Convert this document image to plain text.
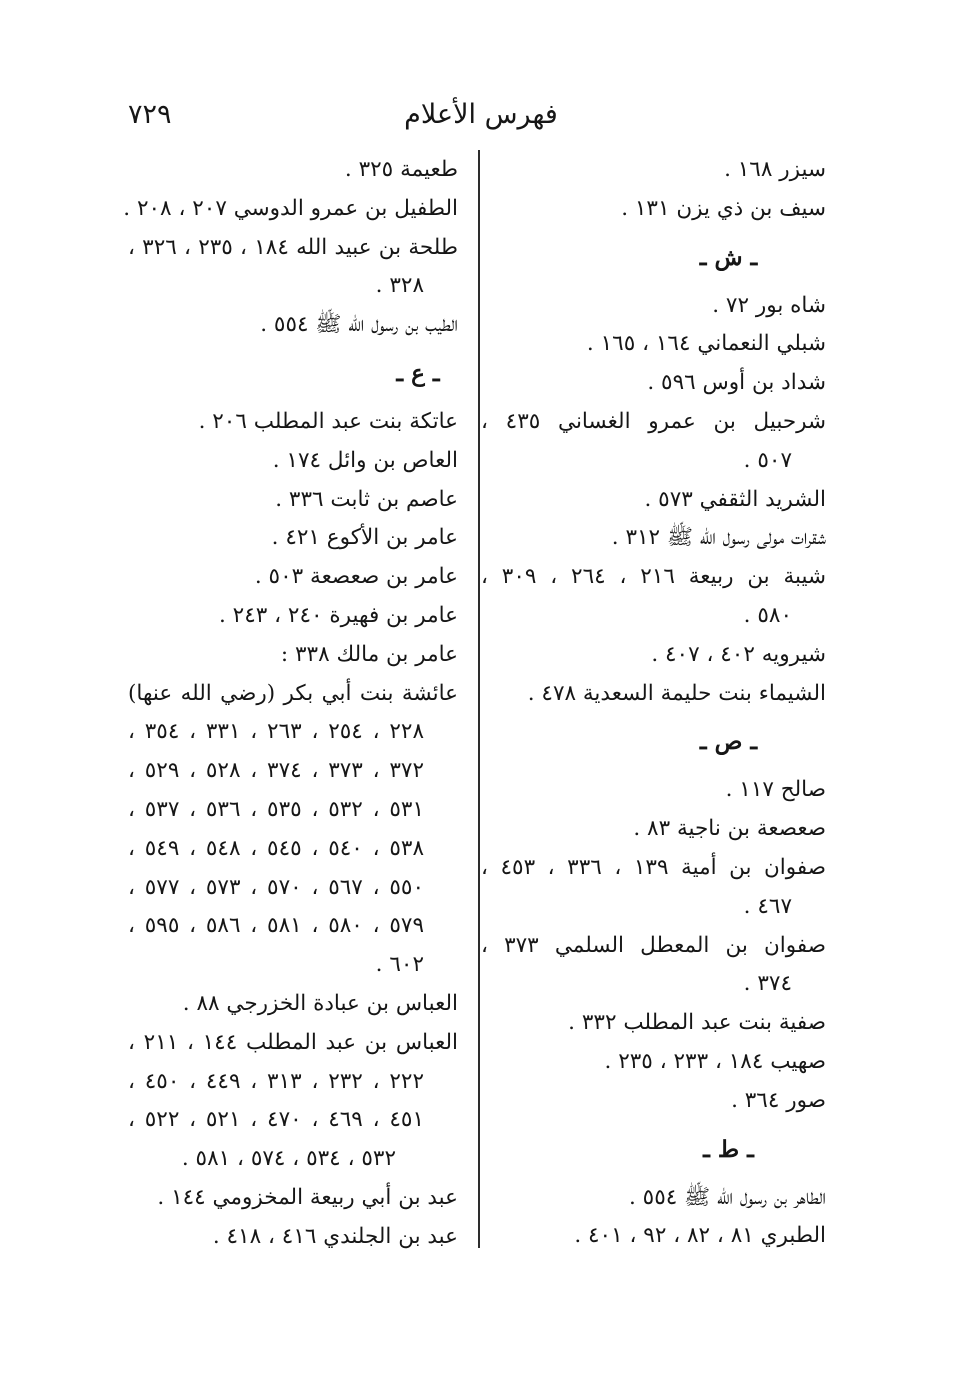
٧٢٩	فهرس الأعلام
سيزر ١٦٨ .
سيف بن ذي يزن ١٣١ .
ـ ش ـ
شاه بور ٧٢ .
شبلي النعماني ١٦٤ ، ١٦٥ .
شداد بن أوس ٥٩٦ .
شرحبيل بن عمرو الغساني ٤٣٥ ،
٥٠٧ .
الشريد الثقفي ٥٧٣ .
شقرات مولى رسول الله ﷺ ٣١٢ .
شيبة بن ربيعة ٢١٦ ، ٢٦٤ ، ٣٠٩ ،
٥٨٠ .
شيرويه ٤٠٢ ، ٤٠٧ .
الشيماء بنت حليمة السعدية ٤٧٨ .
ـ ص ـ
صالح ١١٧ .
صعصعة بن ناجية ٨٣ .
صفوان بن أمية ١٣٩ ، ٣٣٦ ، ٤٥٣ ،
٤٦٧ .
صفوان بن المعطل السلمي ٣٧٣ ،
٣٧٤ .
صفية بنت عبد المطلب ٣٣٢ .
صهيب ١٨٤ ، ٢٣٣ ، ٢٣٥ .
صور ٣٦٤ .
ـ ط ـ
الطاهر بن رسول الله ﷺ ٥٥٤ .
الطبري ٨١ ، ٨٢ ، ٩٢ ، ٤٠١ .
طعيمة ٣٢٥ .
الطفيل بن عمرو الدوسي ٢٠٧ ، ٢٠٨ .
طلحة بن عبيد الله ١٨٤ ، ٢٣٥ ، ٣٢٦ ،
٣٢٨ .
الطيب بن رسول الله ﷺ ٥٥٤ .
ـ ع ـ
عاتكة بنت عبد المطلب ٢٠٦ .
العاص بن وائل ١٧٤ .
عاصم بن ثابت ٣٣٦ .
عامر بن الأكوع ٤٢١ .
عامر بن صعصعة ٥٠٣ .
عامر بن فهيرة ٢٤٠ ، ٢٤٣ .
عامر بن مالك ٣٣٨ :
عائشة بنت أبي بكر (رضي الله عنها)
٢٢٨ ، ٢٥٤ ، ٢٦٣ ، ٣٣١ ، ٣٥٤ ،
٣٧٢ ، ٣٧٣ ، ٣٧٤ ، ٥٢٨ ، ٥٢٩ ،
٥٣١ ، ٥٣٢ ، ٥٣٥ ، ٥٣٦ ، ٥٣٧ ،
٥٣٨ ، ٥٤٠ ، ٥٤٥ ، ٥٤٨ ، ٥٤٩ ،
٥٥٠ ، ٥٦٧ ، ٥٧٠ ، ٥٧٣ ، ٥٧٧ ،
٥٧٩ ، ٥٨٠ ، ٥٨١ ، ٥٨٦ ، ٥٩٥ ،
٦٠٢ .
العباس بن عبادة الخزرجي ٨٨ .
العباس بن عبد المطلب ١٤٤ ، ٢١١ ،
٢٢٢ ، ٢٣٢ ، ٣١٣ ، ٤٤٩ ، ٤٥٠ ،
٤٥١ ، ٤٦٩ ، ٤٧٠ ، ٥٢١ ، ٥٢٢ ،
٥٣٢ ، ٥٣٤ ، ٥٧٤ ، ٥٨١ .
عبد بن أبي ربيعة المخزومي ١٤٤ .
عبد بن الجلندي ٤١٦ ، ٤١٨ .
